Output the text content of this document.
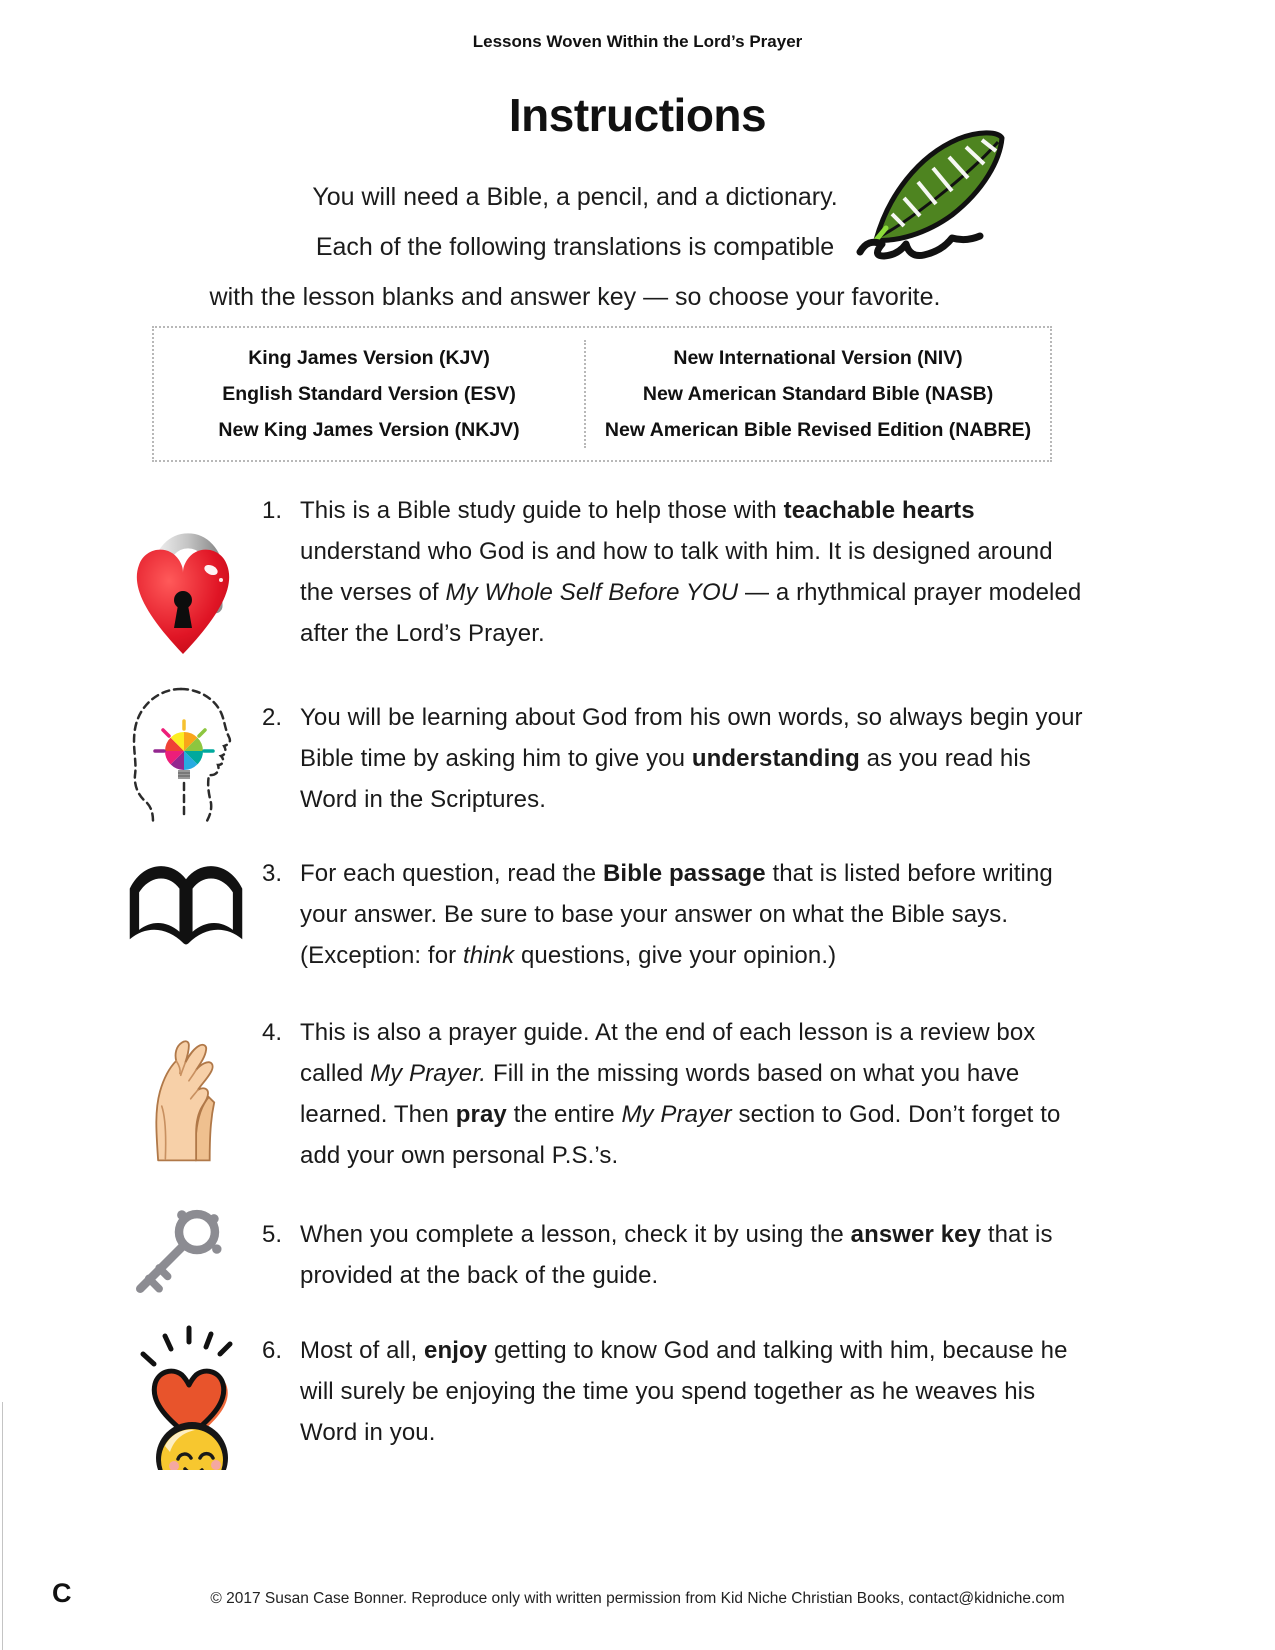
Lessons Woven Within the Lord’s Prayer
Instructions
You will need a Bible, a pencil, and a dictionary.
Each of the following translations is compatible
with the lesson blanks and answer key — so choose your favorite.
King James Version (KJV)
English Standard Version (ESV)
New King James Version (NKJV)
New International Version (NIV)
New American Standard Bible (NASB)
New American Bible Revised Edition (NABRE)
1. This is a Bible study guide to help those with teachable hearts understand who God is and how to talk with him. It is designed around the verses of My Whole Self Before YOU — a rhythmical prayer modeled after the Lord’s Prayer.
2. You will be learning about God from his own words, so always begin your Bible time by asking him to give you understanding as you read his Word in the Scriptures.
3. For each question, read the Bible passage that is listed before writing your answer. Be sure to base your answer on what the Bible says. (Exception: for think questions, give your opinion.)
4. This is also a prayer guide. At the end of each lesson is a review box called My Prayer. Fill in the missing words based on what you have learned. Then pray the entire My Prayer section to God. Don’t forget to add your own personal P.S.’s.
5. When you complete a lesson, check it by using the answer key that is provided at the back of the guide.
6. Most of all, enjoy getting to know God and talking with him, because he will surely be enjoying the time you spend together as he weaves his Word in you.
C	© 2017 Susan Case Bonner. Reproduce only with written permission from Kid Niche Christian Books, contact@kidniche.com
